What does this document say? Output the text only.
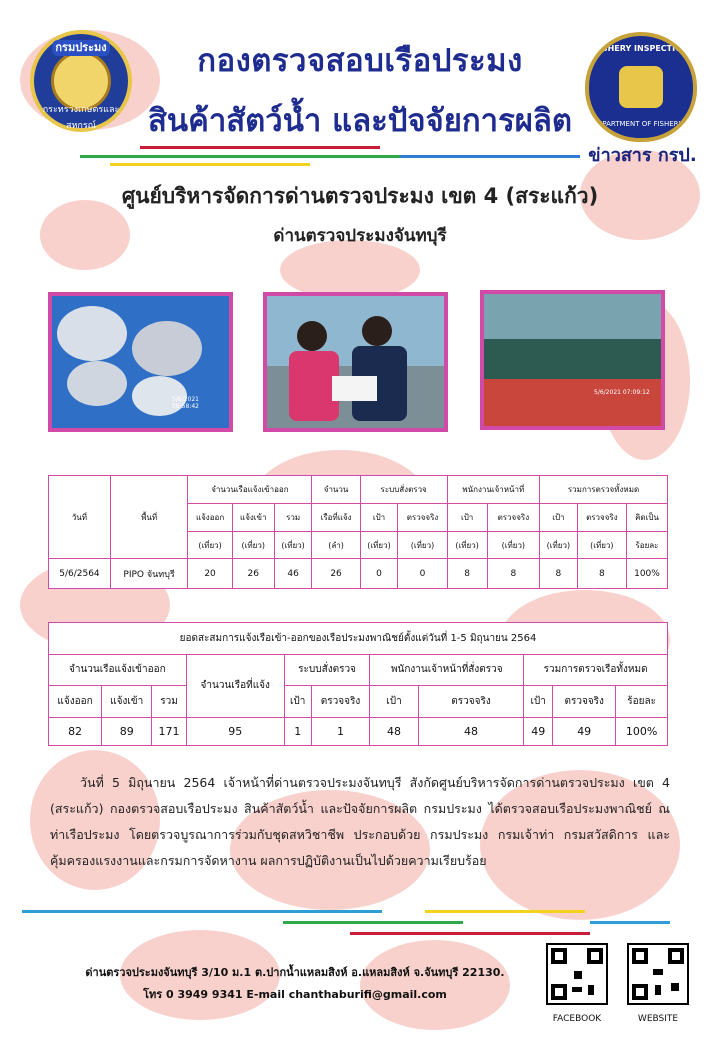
กรมประมง
กระทรวงเกษตรและสหกรณ์
กองตรวจสอบเรือประมง
สินค้าสัตว์น้ำ และปัจจัยการผลิต
FISHERY INSPECTION
DEPARTMENT OF FISHERIES
ข่าวสาร กรป.
ศูนย์บริหารจัดการด่านตรวจประมง เขต 4 (สระแก้ว)
ด่านตรวจประมงจันทบุรี
5/6/2021 06:58:42
5/6/2021 07:09:12
วันที่	พื้นที่	จำนวนเรือแจ้งเข้าออก			จำนวน	ระบบสั่งตรวจ		พนักงานเจ้าหน้าที่		รวมการตรวจทั้งหมด		
		แจ้งออก	แจ้งเข้า	รวม	เรือที่แจ้ง	เป้า	ตรวจจริง	เป้า	ตรวจจริง	เป้า	ตรวจจริง	คิดเป็น
		(เที่ยว)	(เที่ยว)	(เที่ยว)	(ลำ)	(เที่ยว)	(เที่ยว)	(เที่ยว)	(เที่ยว)	(เที่ยว)	(เที่ยว)	ร้อยละ
5/6/2564	PIPO จันทบุรี	20	26	46	26	0	0	8	8	8	8	100%
ยอดสะสมการแจ้งเรือเข้า-ออกของเรือประมงพาณิชย์ตั้งแต่วันที่ 1-5 มิถุนายน 2564										
จำนวนเรือแจ้งเข้าออก			จำนวนเรือที่แจ้ง	ระบบสั่งตรวจ		พนักงานเจ้าหน้าที่สั่งตรวจ		รวมการตรวจเรือทั้งหมด		
แจ้งออก	แจ้งเข้า	รวม		เป้า	ตรวจจริง	เป้า	ตรวจจริง	เป้า	ตรวจจริง	ร้อยละ
82	89	171	95	1	1	48	48	49	49	100%
วันที่ 5 มิถุนายน 2564 เจ้าหน้าที่ด่านตรวจประมงจันทบุรี สังกัดศูนย์บริหารจัดการด่านตรวจประมง เขต 4 (สระแก้ว) กองตรวจสอบเรือประมง สินค้าสัตว์น้ำ และปัจจัยการผลิต กรมประมง ได้ตรวจสอบเรือประมงพาณิชย์ ณ ท่าเรือประมง โดยตรวจบูรณาการร่วมกับชุดสหวิชาชีพ ประกอบด้วย กรมประมง กรมเจ้าท่า กรมสวัสดิการ และคุ้มครองแรงงานและกรมการจัดหางาน ผลการปฏิบัติงานเป็นไปด้วยความเรียบร้อย
ด่านตรวจประมงจันทบุรี 3/10 ม.1 ต.ปากน้ำแหลมสิงห์ อ.แหลมสิงห์ จ.จันทบุรี 22130.
โทร 0 3949 9341 E-mail chanthaburifi@gmail.com
FACEBOOK	WEBSITE
